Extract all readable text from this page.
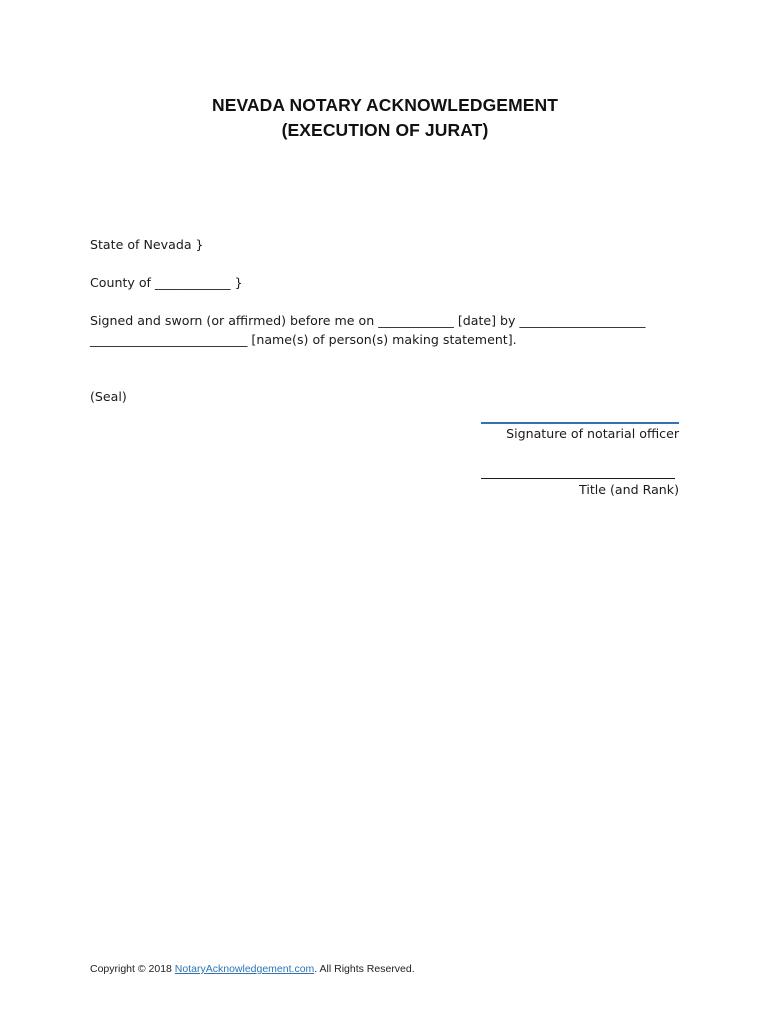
NEVADA NOTARY ACKNOWLEDGEMENT
(EXECUTION OF JURAT)
State of Nevada }
County of ____________ }
Signed and sworn (or affirmed) before me on ____________ [date] by ____________________
_________________________ [name(s) of person(s) making statement].
(Seal)
Signature of notarial officer
Title (and Rank)
Copyright © 2018 NotaryAcknowledgement.com. All Rights Reserved.
